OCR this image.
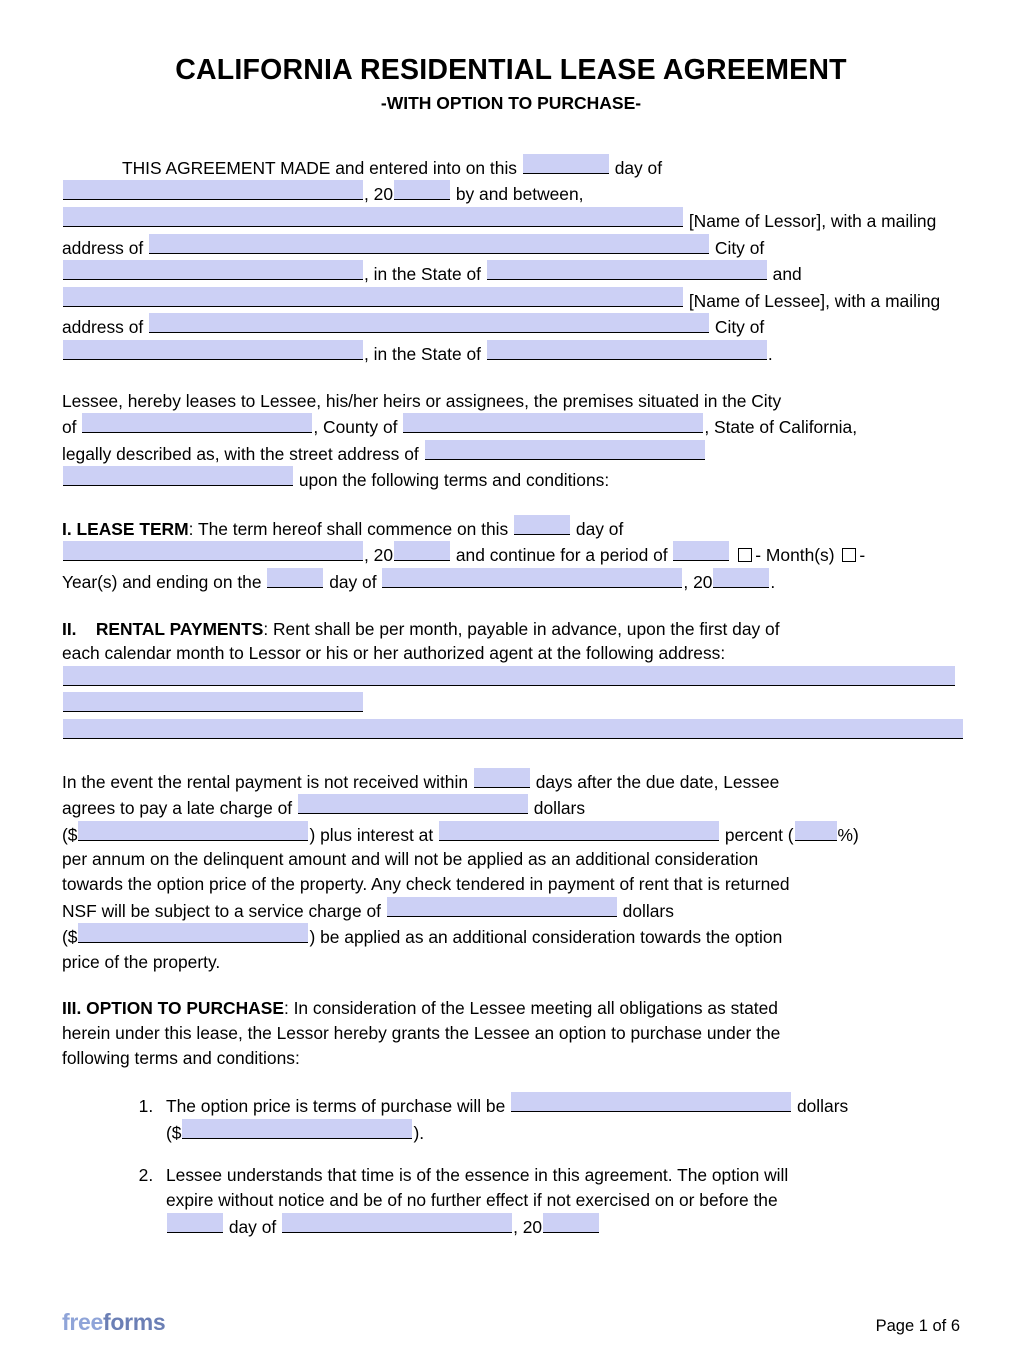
CALIFORNIA RESIDENTIAL LEASE AGREEMENT
-WITH OPTION TO PURCHASE-

THIS AGREEMENT MADE and entered into on this	day of

, 20	by and between,

[Name of Lessor], with a mailing

address of	City of

, in the State of	and

[Name of Lessee], with a mailing

address of	City of

, in the State of	.

Lessee, hereby leases to Lessee, his/her heirs or assignees, the premises situated in the City

of	, County of	, State of California,

legally described as, with the street address of

upon the following terms and conditions:

I. LEASE TERM: The term hereof shall commence on this	day of

, 20	and continue for a period of	- Month(s) -

Year(s) and ending on the	day of	, 20	.

II. RENTAL PAYMENTS: Rent shall be per month, payable in advance, upon the first day of

each calendar month to Lessor or his or her authorized agent at the following address:

In the event the rental payment is not received within	days after the due date, Lessee

agrees to pay a late charge of	dollars

($	) plus interest at	percent (	%)

per annum on the delinquent amount and will not be applied as an additional consideration

towards the option price of the property. Any check tendered in payment of rent that is returned

NSF will be subject to a service charge of	dollars

($	) be applied as an additional consideration towards the option

price of the property.

III. OPTION TO PURCHASE: In consideration of the Lessee meeting all obligations as stated

herein under this lease, the Lessor hereby grants the Lessee an option to purchase under the

following terms and conditions:

1. The option price is terms of purchase will be	dollars
($	).
2. Lessee understands that time is of the essence in this agreement. The option will
expire without notice and be of no further effect if not exercised on or before the
day of	, 20
freeforms	Page 1 of 6
